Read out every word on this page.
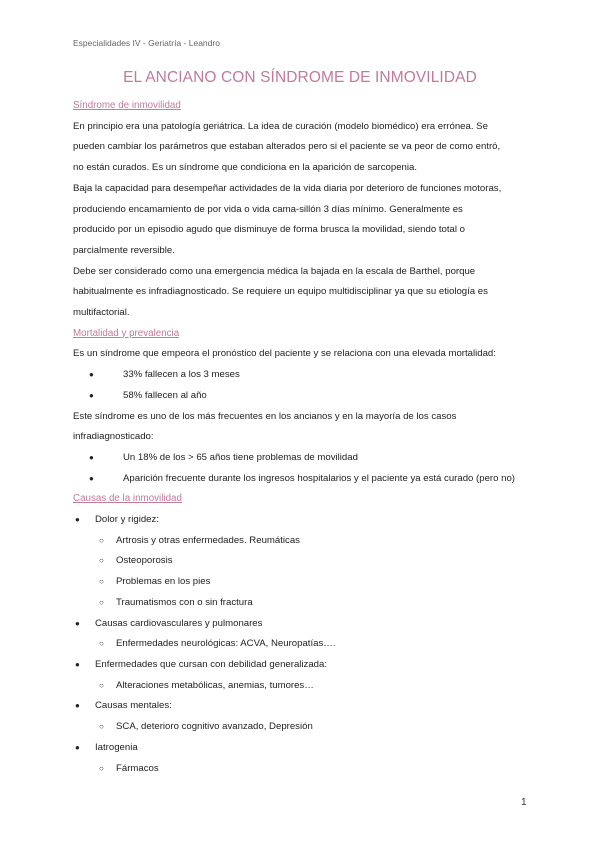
Especialidades IV - Geriatría - Leandro
EL ANCIANO CON SÍNDROME DE INMOVILIDAD
Síndrome de inmovilidad

En principio era una patología geriátrica. La idea de curación (modelo biomédico) era errónea. Se

pueden cambiar los parámetros que estaban alterados pero si el paciente se va peor de como entró,

no están curados. Es un síndrome que condiciona en la aparición de sarcopenia.

Baja la capacidad para desempeñar actividades de la vida diaria por deterioro de funciones motoras,

produciendo encamamiento de por vida o vida cama-sillón 3 días mínimo. Generalmente es

producido por un episodio agudo que disminuye de forma brusca la movilidad, siendo total o

parcialmente reversible.

Debe ser considerado como una emergencia médica la bajada en la escala de Barthel, porque

habitualmente es infradiagnosticado. Se requiere un equipo multidisciplinar ya que su etiología es

multifactorial.

Mortalidad y prevalencia

Es un síndrome que empeora el pronóstico del paciente y se relaciona con una elevada mortalidad:

● 33% fallecen a los 3 meses
● 58% fallecen al año

Este síndrome es uno de los más frecuentes en los ancianos y en la mayoría de los casos

infradiagnosticado:

● Un 18% de los > 65 años tiene problemas de movilidad
● Aparición frecuente durante los ingresos hospitalarios y el paciente ya está curado (pero no)
Causas de la inmovilidad
● Dolor y rigidez:
○ Artrosis y otras enfermedades. Reumáticas
○ Osteoporosis
○ Problemas en los pies
○ Traumatismos con o sin fractura
● Causas cardiovasculares y pulmonares
○ Enfermedades neurológicas: ACVA, Neuropatías….
● Enfermedades que cursan con debilidad generalizada:
○ Alteraciones metabólicas, anemias, tumores…
● Causas mentales:
○ SCA, deterioro cognitivo avanzado, Depresión
● Iatrogenia
○ Fármacos
1
